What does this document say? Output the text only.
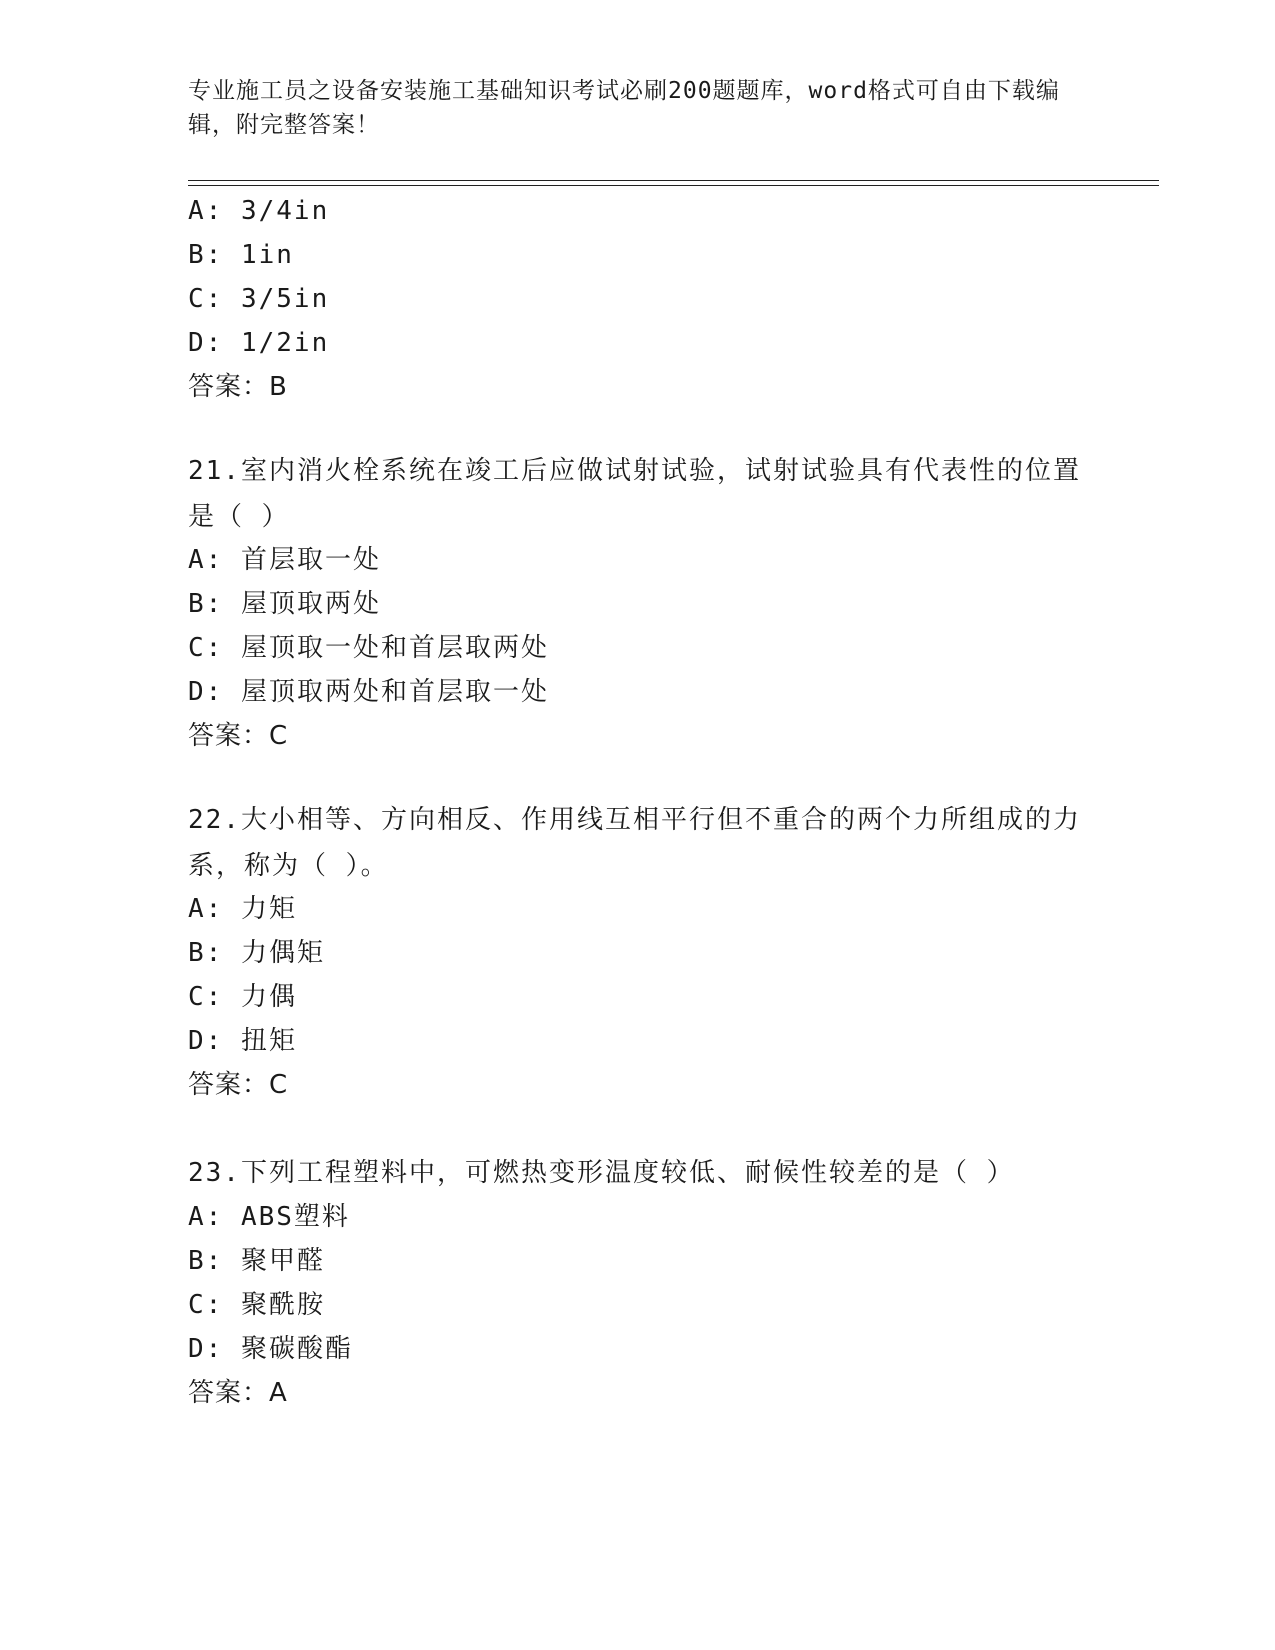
专业施工员之设备安装施工基础知识考试必刷200题题库，word格式可自由下载编辑，附完整答案！
A: 3/4in
B: 1in
C: 3/5in
D: 1/2in
答案：B
21.室内消火栓系统在竣工后应做试射试验，试射试验具有代表性的位置是（ ）
A: 首层取一处
B: 屋顶取两处
C: 屋顶取一处和首层取两处
D: 屋顶取两处和首层取一处
答案：C
22.大小相等、方向相反、作用线互相平行但不重合的两个力所组成的力系，称为（ ）。
A: 力矩
B: 力偶矩
C: 力偶
D: 扭矩
答案：C
23.下列工程塑料中，可燃热变形温度较低、耐候性较差的是（ ）
A: ABS塑料
B: 聚甲醛
C: 聚酰胺
D: 聚碳酸酯
答案：A
